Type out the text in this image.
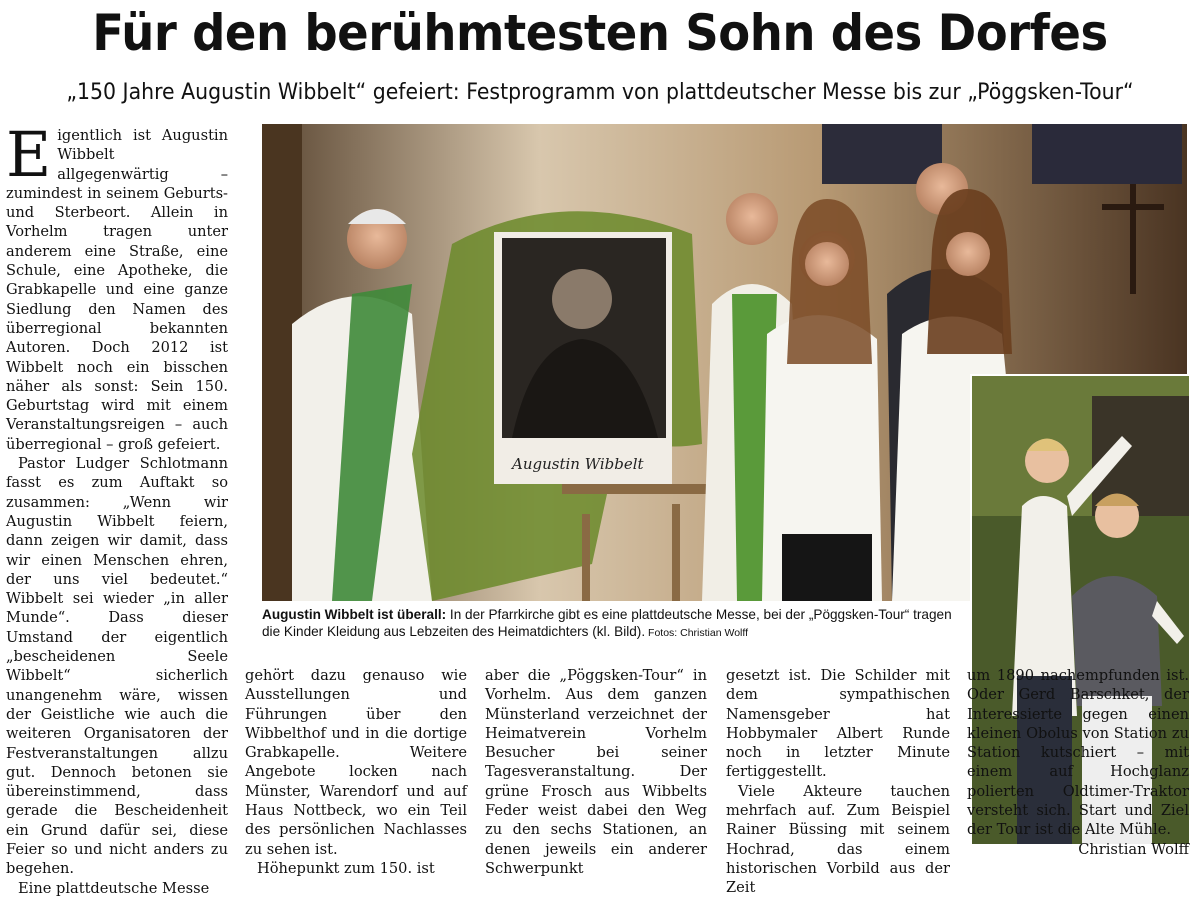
Für den berühmtesten Sohn des Dorfes
„150 Jahre Augustin Wibbelt“ gefeiert: Festprogramm von plattdeutscher Messe bis zur „Pöggsken-Tour“

Eigentlich ist Augustin Wibbelt allgegenwärtig – zumindest in seinem Geburts- und Sterbeort. Allein in Vorhelm tragen unter anderem eine Straße, eine Schule, eine Apotheke, die Grabkapelle und eine ganze Siedlung den Namen des überregional bekannten Autoren. Doch 2012 ist Wibbelt noch ein bisschen näher als sonst: Sein 150. Geburtstag wird mit einem Veranstaltungsreigen – auch überregional – groß gefeiert.

Pastor Ludger Schlotmann fasst es zum Auftakt so zusammen: „Wenn wir Augustin Wibbelt feiern, dann zeigen wir damit, dass wir einen Menschen ehren, der uns viel bedeutet.“ Wibbelt sei wieder „in aller Munde“. Dass dieser Umstand der eigentlich „bescheidenen Seele Wibbelt“ sicherlich unangenehm wäre, wissen der Geistliche wie auch die weiteren Organisatoren der Festveranstaltungen allzu gut. Dennoch betonen sie übereinstimmend, dass gerade die Bescheidenheit ein Grund dafür sei, diese Feier so und nicht anders zu begehen.

Eine plattdeutsche Messe

Augustin Wibbelt
Augustin Wibbelt ist überall: In der Pfarrkirche gibt es eine plattdeutsche Messe, bei der „Pöggsken-Tour“ tragen die Kinder Kleidung aus Lebzeiten des Heimatdichters (kl. Bild). Fotos: Christian Wolff

gehört dazu genauso wie Ausstellungen und Führungen über den Wibbelthof und in die dortige Grabkapelle. Weitere Angebote locken nach Münster, Warendorf und auf Haus Nottbeck, wo ein Teil des persönlichen Nachlasses zu sehen ist.

Höhepunkt zum 150. ist

aber die „Pöggsken-Tour“ in Vorhelm. Aus dem ganzen Münsterland verzeichnet der Heimatverein Vorhelm Besucher bei seiner Tagesveranstaltung. Der grüne Frosch aus Wibbelts Feder weist dabei den Weg zu den sechs Stationen, an denen jeweils ein anderer Schwerpunkt

gesetzt ist. Die Schilder mit dem sympathischen Namensgeber hat Hobbymaler Albert Runde noch in letzter Minute fertiggestellt.

Viele Akteure tauchen mehrfach auf. Zum Beispiel Rainer Büssing mit seinem Hochrad, das einem historischen Vorbild aus der Zeit

um 1890 nachempfunden ist. Oder Gerd Barschket, der Interessierte gegen einen kleinen Obolus von Station zu Station kutschiert – mit einem auf Hochglanz polierten Oldtimer-Traktor versteht sich. Start und Ziel der Tour ist die Alte Mühle.

Christian Wolff
